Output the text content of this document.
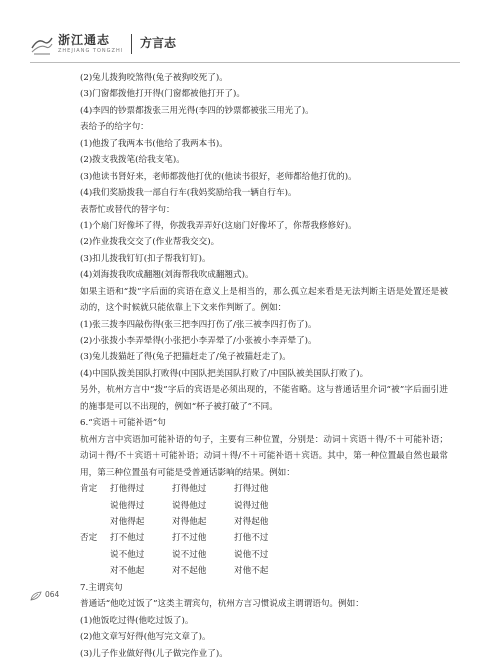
浙江通志
ZHEJIANG TONGZHI
方言志
(2)兔儿拨狗咬煞得(兔子被狗咬死了)。
(3)门窗都拨他打开得(门窗都被他打开了)。
(4)李四的钞票都拨张三用光得(李四的钞票都被张三用光了)。
表给予的给字句：
(1)他拨了我两本书(他给了我两本书)。
(2)拨支我拨笔(给我支笔)。
(3)他读书肾好来，老师都拨他打优的(他读书很好，老师都给他打优的)。
(4)我们奖励拨我一部自行车(我妈奖励给我一辆自行车)。
表帮忙或替代的替字句：
(1)个扇门好像坏了得，你拨我弄弄好(这扇门好像坏了，你帮我修修好)。
(2)作业拨我交交了(作业帮我交交)。
(3)扣儿拨我钉钉(扣子帮我钉钉)。
(4)刘海拨我吹成翻翘(刘海帮我吹成翻翘式)。
如果主语和“拨”字后面的宾语在意义上是相当的，那么孤立起来看是无法判断主语是处置还是被动的，这个时候就只能依靠上下文来作判断了。例如：
(1)张三拨李四敲伤得(张三把李四打伤了/张三被李四打伤了)。
(2)小张拨小李弄晕得(小张把小李弄晕了/小张被小李弄晕了)。
(3)兔儿拨猫赶了得(兔子把猫赶走了/兔子被猫赶走了)。
(4)中国队拨美国队打败得(中国队把美国队打败了/中国队被美国队打败了)。
另外，杭州方言中“拨”字后的宾语是必须出现的，不能省略。这与普通话里介词“被”字后面引进的施事是可以不出现的，例如“杯子被打破了”不同。
6.“宾语＋可能补语”句
杭州方言中宾语加可能补语的句子，主要有三种位置，分别是：动词＋宾语＋得/不＋可能补语；动词＋得/不＋宾语＋可能补语；动词＋得/不＋可能补语＋宾语。其中，第一种位置最自然也最常用，第三种位置虽有可能是受普通话影响的结果。例如：
肯定	打他得过	打得他过	打得过他
说他得过	说得他过	说得过他
对他得起	对得他起	对得起他
否定	打不他过	打不过他	打他不过
说不他过	说不过他	说他不过
对不他起	对不起他	对他不起
7.主谓宾句
普通话“他吃过饭了”这类主谓宾句，杭州方言习惯说成主谓谓语句。例如：
(1)他饭吃过得(他吃过饭了)。
(2)他文章写好得(他写完文章了)。
(3)儿子作业做好得(儿子做完作业了)。
064
